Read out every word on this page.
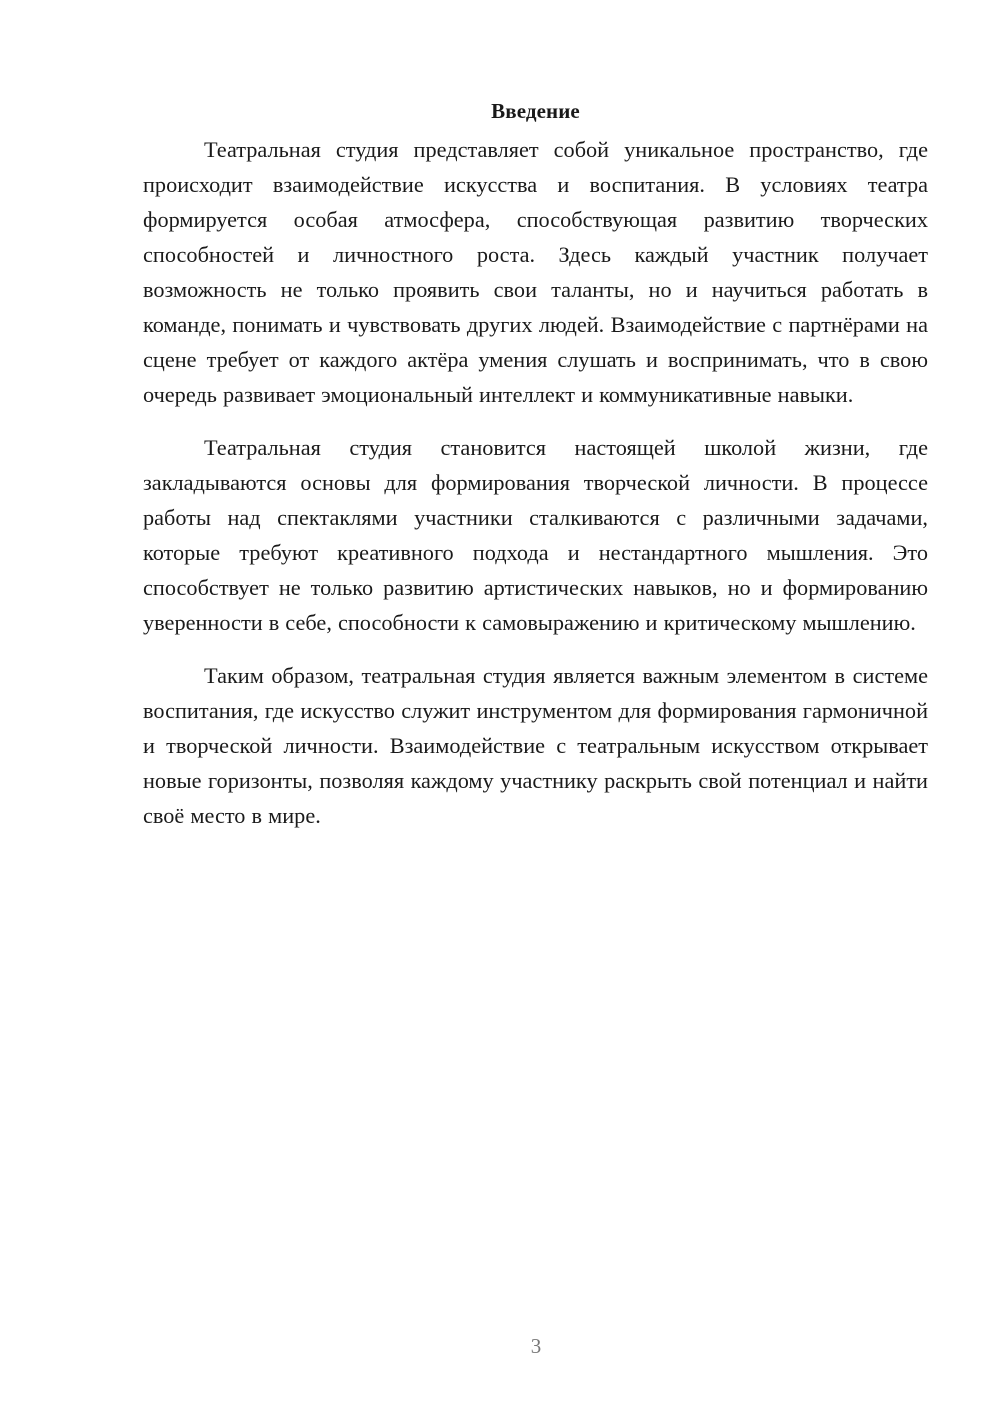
Введение

Театральная студия представляет собой уникальное пространство, где происходит взаимодействие искусства и воспитания. В условиях театра формируется особая атмосфера, способствующая развитию творческих способностей и личностного роста. Здесь каждый участник получает возможность не только проявить свои таланты, но и научиться работать в команде, понимать и чувствовать других людей. Взаимодействие с партнёрами на сцене требует от каждого актёра умения слушать и воспринимать, что в свою очередь развивает эмоциональный интеллект и коммуникативные навыки.

Театральная студия становится настоящей школой жизни, где закладываются основы для формирования творческой личности. В процессе работы над спектаклями участники сталкиваются с различными задачами, которые требуют креативного подхода и нестандартного мышления. Это способствует не только развитию артистических навыков, но и формированию уверенности в себе, способности к самовыражению и критическому мышлению.

Таким образом, театральная студия является важным элементом в системе воспитания, где искусство служит инструментом для формирования гармоничной и творческой личности. Взаимодействие с театральным искусством открывает новые горизонты, позволяя каждому участнику раскрыть свой потенциал и найти своё место в мире.

3
